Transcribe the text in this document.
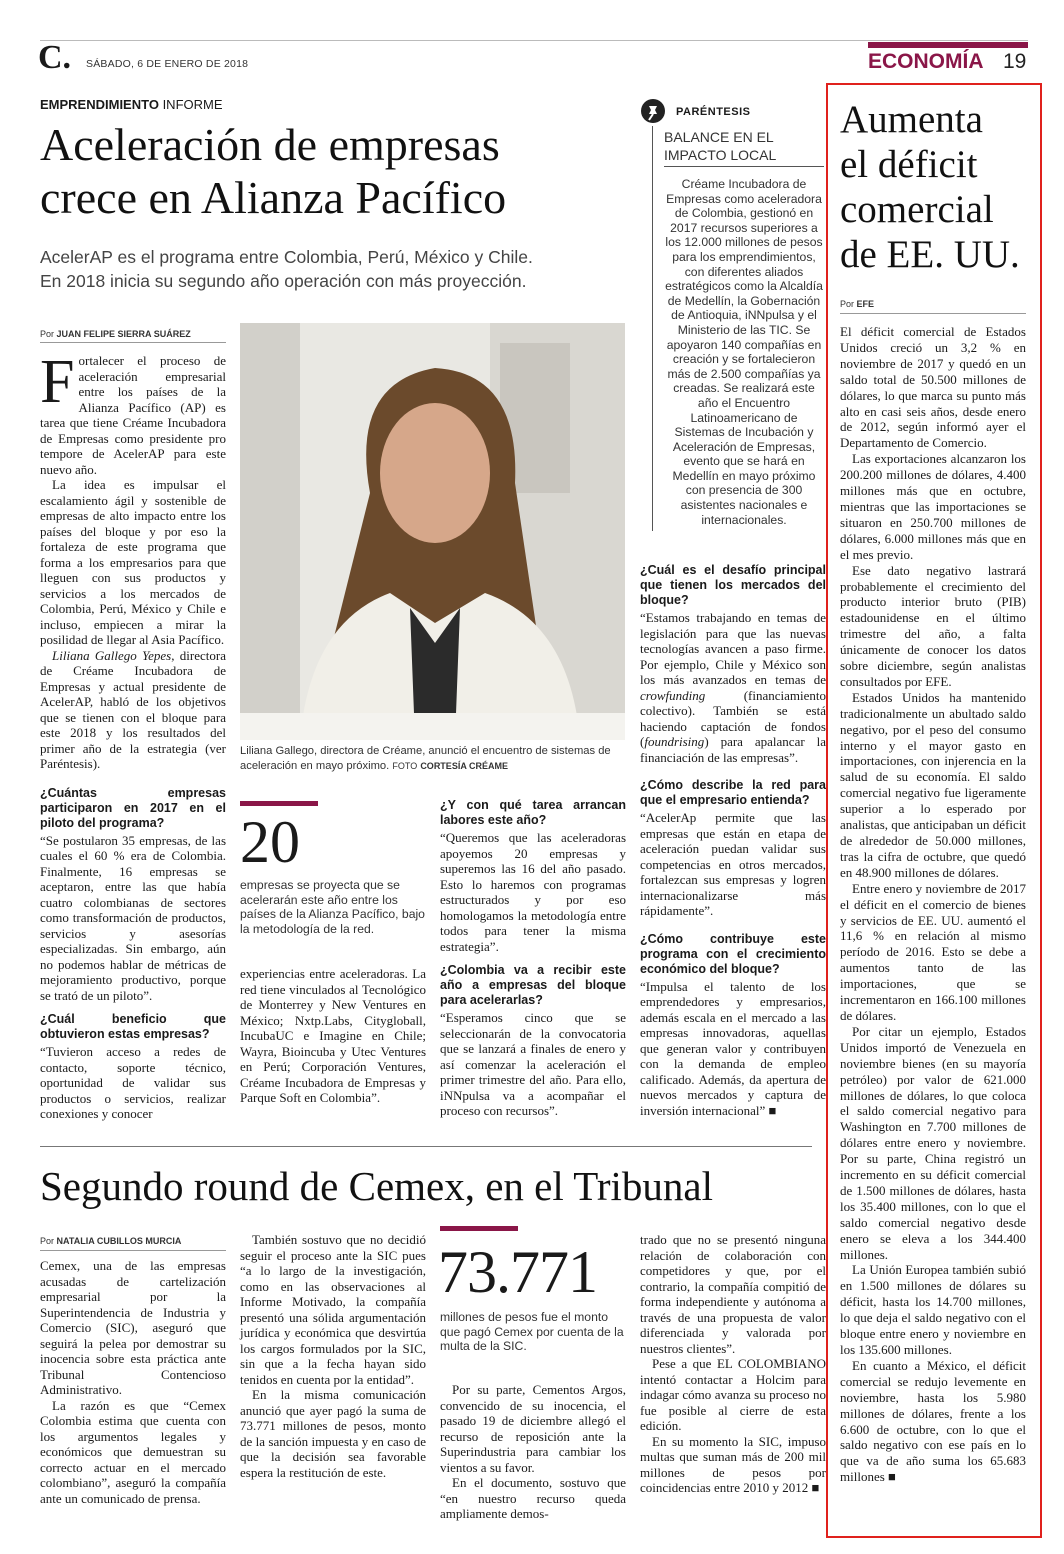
C. SÁBADO, 6 DE ENERO DE 2018	ECONOMÍA 19
EMPRENDIMIENTO INFORME
Aceleración de empresas
crece en Alianza Pacífico
AcelerAP es el programa entre Colombia, Perú, México y Chile.
En 2018 inicia su segundo año operación con más proyección.
PARÉNTESIS
BALANCE EN EL
IMPACTO LOCAL
Créame Incubadora de Empresas como aceleradora de Colombia, gestionó en 2017 recursos superiores a los 12.000 millones de pesos para los emprendimientos, con diferentes aliados estratégicos como la Alcaldía de Medellín, la Gobernación de Antioquia, iNNpulsa y el Ministerio de las TIC. Se apoyaron 140 compañías en creación y se fortalecieron más de 2.500 compañías ya creadas. Se realizará este año el Encuentro Latinoamericano de Sistemas de Incubación y Aceleración de Empresas, evento que se hará en Medellín en mayo próximo con presencia de 300 asistentes nacionales e internacionales.
Por JUAN FELIPE SIERRA SUÁREZ

Fortalecer el proceso de aceleración empresarial entre los países de la Alianza Pacífico (AP) es tarea que tiene Créame Incubadora de Empresas como presidente pro tempore de AcelerAP para este nuevo año.

La idea es impulsar el escalamiento ágil y sostenible de empresas de alto impacto entre los países del bloque y por eso la fortaleza de este programa que forma a los empresarios para que lleguen con sus productos y servicios a los mercados de Colombia, Perú, México y Chile e incluso, empiecen a mirar la posilidad de llegar al Asia Pacífico.

Liliana Gallego Yepes, directora de Créame Incubadora de Empresas y actual presidente de AcelerAP, habló de los objetivos que se tienen con el bloque para este 2018 y los resultados del primer año de la estrategia (ver Paréntesis).

¿Cuántas empresas participaron en 2017 en el piloto del programa?

“Se postularon 35 empresas, de las cuales el 60 % era de Colombia. Finalmente, 16 empresas se aceptaron, entre las que había cuatro colombianas de sectores como transformación de productos, servicios y asesorías especializadas. Sin embargo, aún no podemos hablar de métricas de mejoramiento productivo, porque se trató de un piloto”.

¿Cuál beneficio que obtuvieron estas empresas?

“Tuvieron acceso a redes de contacto, soporte técnico, oportunidad de validar sus productos o servicios, realizar conexiones y conocer

Liliana Gallego, directora de Créame, anunció el encuentro de sistemas de aceleración en mayo próximo. FOTO CORTESÍA CRÉAME
20
empresas se proyecta que se acelerarán este año entre los países de la Alianza Pacífico, bajo la metodología de la red.

experiencias entre aceleradoras. La red tiene vinculados al Tecnológico de Monterrey y New Ventures en México; Nxtp.Labs, Citygloball, IncubaUC e Imagine en Chile; Wayra, Bioincuba y Utec Ventures en Perú; Corporación Ventures, Créame Incubadora de Empresas y Parque Soft en Colombia”.

¿Y con qué tarea arrancan labores este año?

“Queremos que las aceleradoras apoyemos 20 empresas y superemos las 16 del año pasado. Esto lo haremos con programas estructurados y por eso homologamos la metodología entre todos para tener la misma estrategia”.

¿Colombia va a recibir este año a empresas del bloque para acelerarlas?

“Esperamos cinco que se seleccionarán de la convocatoria que se lanzará a finales de enero y así comenzar la aceleración el primer trimestre del año. Para ello, iNNpulsa va a acompañar el proceso con recursos”.

¿Cuál es el desafío principal que tienen los mercados del bloque?

“Estamos trabajando en temas de legislación para que las nuevas tecnologías avancen a paso firme. Por ejemplo, Chile y México son los más avanzados en temas de crowfunding (financiamiento colectivo). También se está haciendo captación de fondos (foundrising) para apalancar la financiación de las empresas”.

¿Cómo describe la red para que el empresario entienda?

“AcelerAp permite que las empresas que están en etapa de aceleración puedan validar sus competencias en otros mercados, fortalezcan sus empresas y logren internacionalizarse más rápidamente”.

¿Cómo contribuye este programa con el crecimiento económico del bloque?

“Impulsa el talento de los emprendedores y empresarios, además escala en el mercado a las empresas innovadoras, aquellas que generan valor y contribuyen con la demanda de empleo calificado. Además, da apertura de nuevos mercados y captura de inversión internacional” ■

Segundo round de Cemex, en el Tribunal
Por NATALIA CUBILLOS MURCIA

Cemex, una de las empresas acusadas de cartelización empresarial por la Superintendencia de Industria y Comercio (SIC), aseguró que seguirá la pelea por demostrar su inocencia sobre esta práctica ante Tribunal Contencioso Administrativo.

La razón es que “Cemex Colombia estima que cuenta con los argumentos legales y económicos que demuestran su correcto actuar en el mercado colombiano”, aseguró la compañía ante un comunicado de prensa.

También sostuvo que no decidió seguir el proceso ante la SIC pues “a lo largo de la investigación, como en las observaciones al Informe Motivado, la compañía presentó una sólida argumentación jurídica y económica que desvirtúa los cargos formulados por la SIC, sin que a la fecha hayan sido tenidos en cuenta por la entidad”.

En la misma comunicación anunció que ayer pagó la suma de 73.771 millones de pesos, monto de la sanción impuesta y en caso de que la decisión sea favorable espera la restitución de este.

73.771
millones de pesos fue el monto que pagó Cemex por cuenta de la multa de la SIC.

Por su parte, Cementos Argos, convencido de su inocencia, el pasado 19 de diciembre allegó el recurso de reposición ante la Superindustria para cambiar los vientos a su favor.

En el documento, sostuvo que “en nuestro recurso queda ampliamente demos-

trado que no se presentó ninguna relación de colaboración con competidores y que, por el contrario, la compañía compitió de forma independiente y autónoma a través de una propuesta de valor diferenciada y valorada por nuestros clientes”.

Pese a que EL COLOMBIANO intentó contactar a Holcim para indagar cómo avanza su proceso no fue posible al cierre de esta edición.

En su momento la SIC, impuso multas que suman más de 200 mil millones de pesos por coincidencias entre 2010 y 2012 ■

Aumenta
el déficit
comercial
de EE. UU.
Por EFE

El déficit comercial de Estados Unidos creció un 3,2 % en noviembre de 2017 y quedó en un saldo total de 50.500 millones de dólares, lo que marca su punto más alto en casi seis años, desde enero de 2012, según informó ayer el Departamento de Comercio.

Las exportaciones alcanzaron los 200.200 millones de dólares, 4.400 millones más que en octubre, mientras que las importaciones se situaron en 250.700 millones de dólares, 6.000 millones más que en el mes previo.

Ese dato negativo lastrará probablemente el crecimiento del producto interior bruto (PIB) estadounidense en el último trimestre del año, a falta únicamente de conocer los datos sobre diciembre, según analistas consultados por EFE.

Estados Unidos ha mantenido tradicionalmente un abultado saldo negativo, por el peso del consumo interno y el mayor gasto en importaciones, con injerencia en la salud de su economía. El saldo comercial negativo fue ligeramente superior a lo esperado por analistas, que anticipaban un déficit de alrededor de 50.000 millones, tras la cifra de octubre, que quedó en 48.900 millones de dólares.

Entre enero y noviembre de 2017 el déficit en el comercio de bienes y servicios de EE. UU. aumentó el 11,6 % en relación al mismo período de 2016. Esto se debe a aumentos tanto de las importaciones, que se incrementaron en 166.100 millones de dólares.

Por citar un ejemplo, Estados Unidos importó de Venezuela en noviembre bienes (en su mayoría petróleo) por valor de 621.000 millones de dólares, lo que coloca el saldo comercial negativo para Washington en 7.700 millones de dólares entre enero y noviembre. Por su parte, China registró un incremento en su déficit comercial de 1.500 millones de dólares, hasta los 35.400 millones, con lo que el saldo comercial negativo desde enero se eleva a los 344.400 millones.

La Unión Europea también subió en 1.500 millones de dólares su déficit, hasta los 14.700 millones, lo que deja el saldo negativo con el bloque entre enero y noviembre en los 135.600 millones.

En cuanto a México, el déficit comercial se redujo levemente en noviembre, hasta los 5.980 millones de dólares, frente a los 6.600 de octubre, con lo que el saldo negativo con ese país en lo que va de año suma los 65.683 millones ■
